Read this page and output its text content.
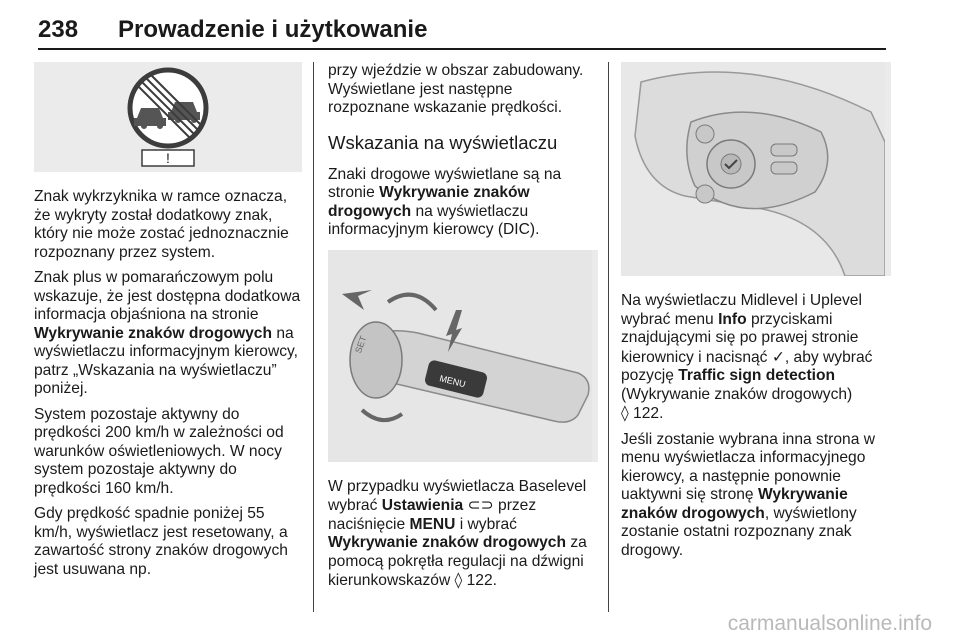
238 Prowadzenie i użytkowanie
!

Znak wykrzyknika w ramce oznacza, że wykryty został dodatkowy znak, który nie może zostać jednoznacznie rozpoznany przez system.

Znak plus w pomarańczowym polu wskazuje, że jest dostępna dodatkowa informacja objaśniona na stronie Wykrywanie znaków drogowych na wyświetlaczu informacyjnym kierowcy, patrz „Wskazania na wyświetlaczu” poniżej.

System pozostaje aktywny do prędkości 200 km/h w zależności od warunków oświetleniowych. W nocy system pozostaje aktywny do prędkości 160 km/h.

Gdy prędkość spadnie poniżej 55 km/h, wyświetlacz jest resetowany, a zawartość strony znaków drogowych jest usuwana np.

przy wjeździe w obszar zabudowany. Wyświetlane jest następne rozpoznane wskazanie prędkości.

Wskazania na wyświetlaczu

Znaki drogowe wyświetlane są na stronie Wykrywanie znaków drogowych na wyświetlaczu informacyjnym kierowcy (DIC).

MENU
SET

W przypadku wyświetlacza Baselevel wybrać Ustawienia ⊂⊃ przez naciśnięcie MENU i wybrać Wykrywanie znaków drogowych za pomocą pokrętła regulacji na dźwigni kierunkowskazów ◊ 122.

Na wyświetlaczu Midlevel i Uplevel wybrać menu Info przyciskami znajdującymi się po prawej stronie kierownicy i nacisnąć ✓, aby wybrać pozycję Traffic sign detection (Wykrywanie znaków drogowych)
◊ 122.

Jeśli zostanie wybrana inna strona w menu wyświetlacza informacyjnego kierowcy, a następnie ponownie uaktywni się stronę Wykrywanie znaków drogowych, wyświetlony zostanie ostatni rozpoznany znak drogowy.

carmanualsonline.info
